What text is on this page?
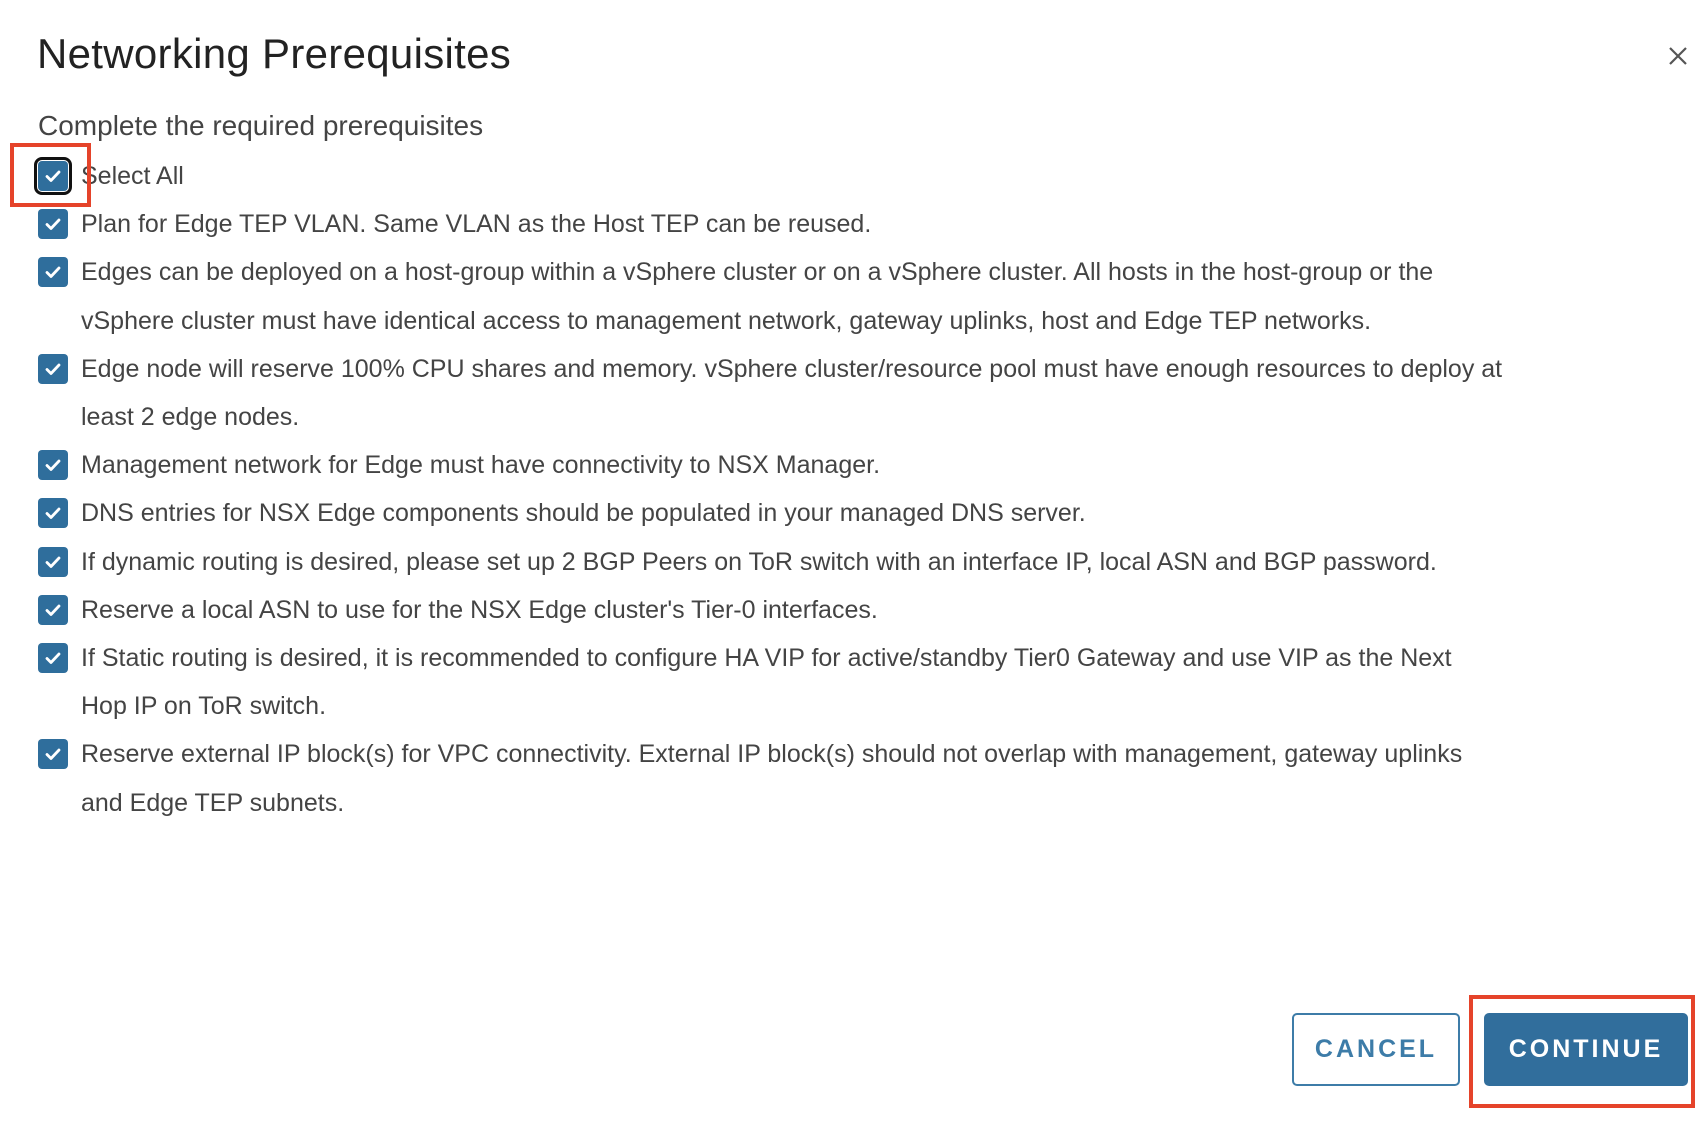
Networking Prerequisites
Complete the required prerequisites
Select All
Plan for Edge TEP VLAN. Same VLAN as the Host TEP can be reused.
Edges can be deployed on a host-group within a vSphere cluster or on a vSphere cluster. All hosts in the host-group or the
vSphere cluster must have identical access to management network, gateway uplinks, host and Edge TEP networks.
Edge node will reserve 100% CPU shares and memory. vSphere cluster/resource pool must have enough resources to deploy at
least 2 edge nodes.
Management network for Edge must have connectivity to NSX Manager.
DNS entries for NSX Edge components should be populated in your managed DNS server.
If dynamic routing is desired, please set up 2 BGP Peers on ToR switch with an interface IP, local ASN and BGP password.
Reserve a local ASN to use for the NSX Edge cluster's Tier-0 interfaces.
If Static routing is desired, it is recommended to configure HA VIP for active/standby Tier0 Gateway and use VIP as the Next
Hop IP on ToR switch.
Reserve external IP block(s) for VPC connectivity. External IP block(s) should not overlap with management, gateway uplinks
and Edge TEP subnets.
CANCEL	CONTINUE
